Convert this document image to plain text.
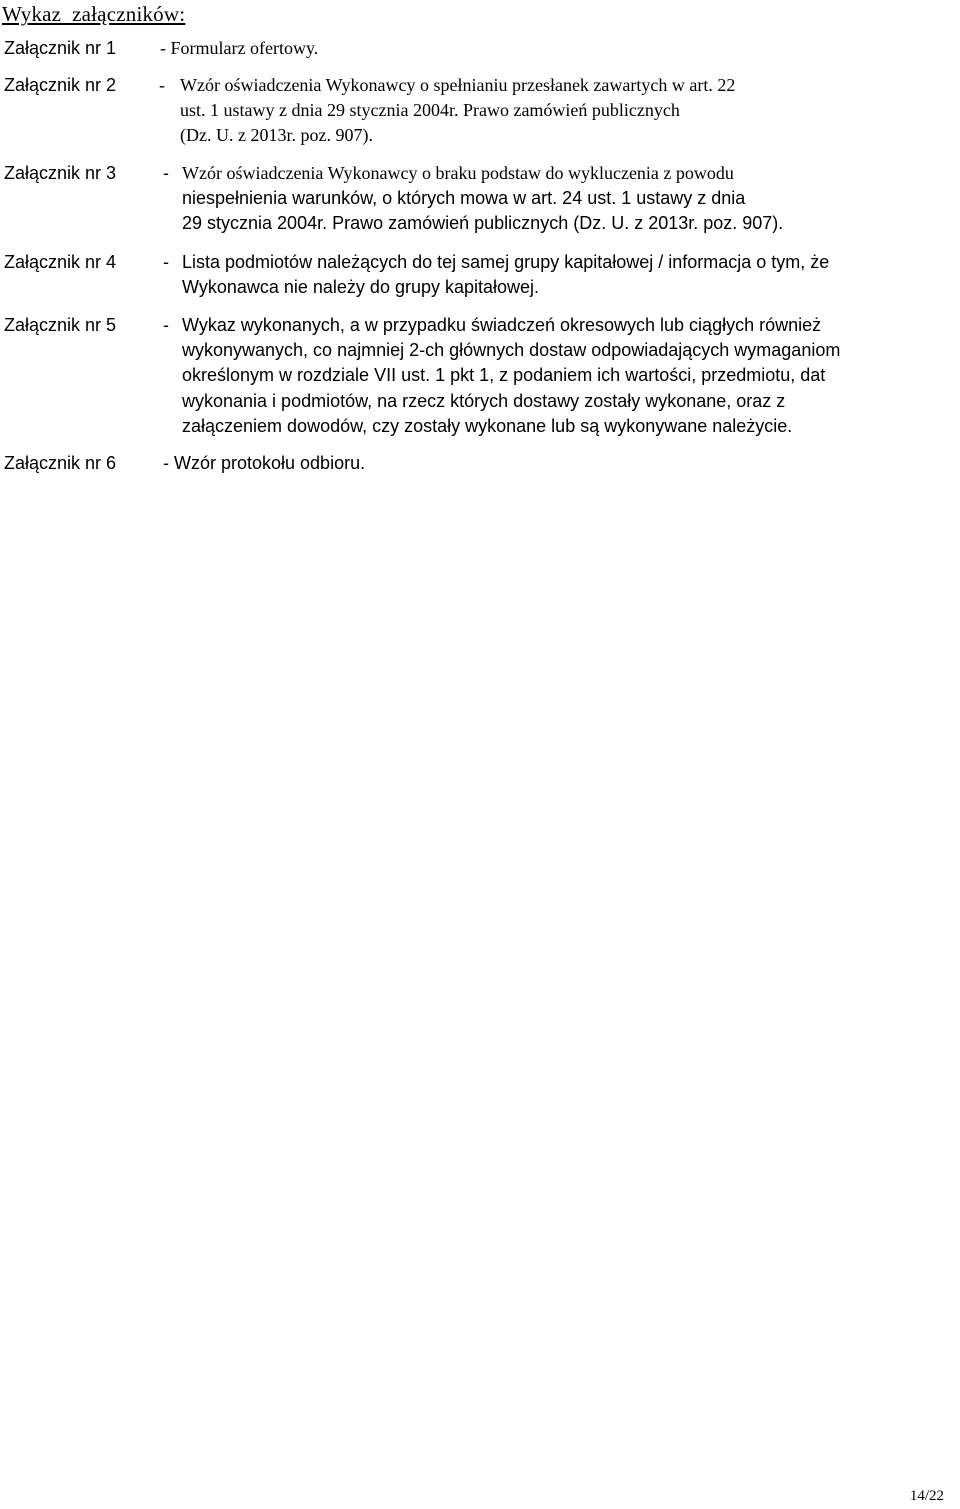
Wykaz  załączników:
Załącznik nr 1 - Formularz ofertowy.
Załącznik nr 2 - Wzór oświadczenia Wykonawcy o spełnianiu przesłanek zawartych w art. 22
ust. 1 ustawy z dnia 29 stycznia 2004r. Prawo zamówień publicznych
(Dz. U. z 2013r. poz. 907).
Załącznik nr 3	- Wzór oświadczenia Wykonawcy o braku podstaw do wykluczenia z powodu
niespełnienia warunków, o których mowa w art. 24 ust. 1 ustawy z dnia
29 stycznia 2004r. Prawo zamówień publicznych (Dz. U. z 2013r. poz. 907).
Załącznik nr 4	- Lista podmiotów należących do tej samej grupy kapitałowej / informacja o tym, że
Wykonawca nie należy do grupy kapitałowej.
Załącznik nr 5	- Wykaz wykonanych, a w przypadku świadczeń okresowych lub ciągłych również
wykonywanych, co najmniej 2-ch głównych dostaw odpowiadających wymaganiom
określonym w rozdziale VII ust. 1 pkt 1, z podaniem ich wartości, przedmiotu, dat
wykonania i podmiotów, na rzecz których dostawy zostały wykonane, oraz z
załączeniem dowodów, czy zostały wykonane lub są wykonywane należycie.
Załącznik nr 6	- Wzór protokołu odbioru.
14/22
